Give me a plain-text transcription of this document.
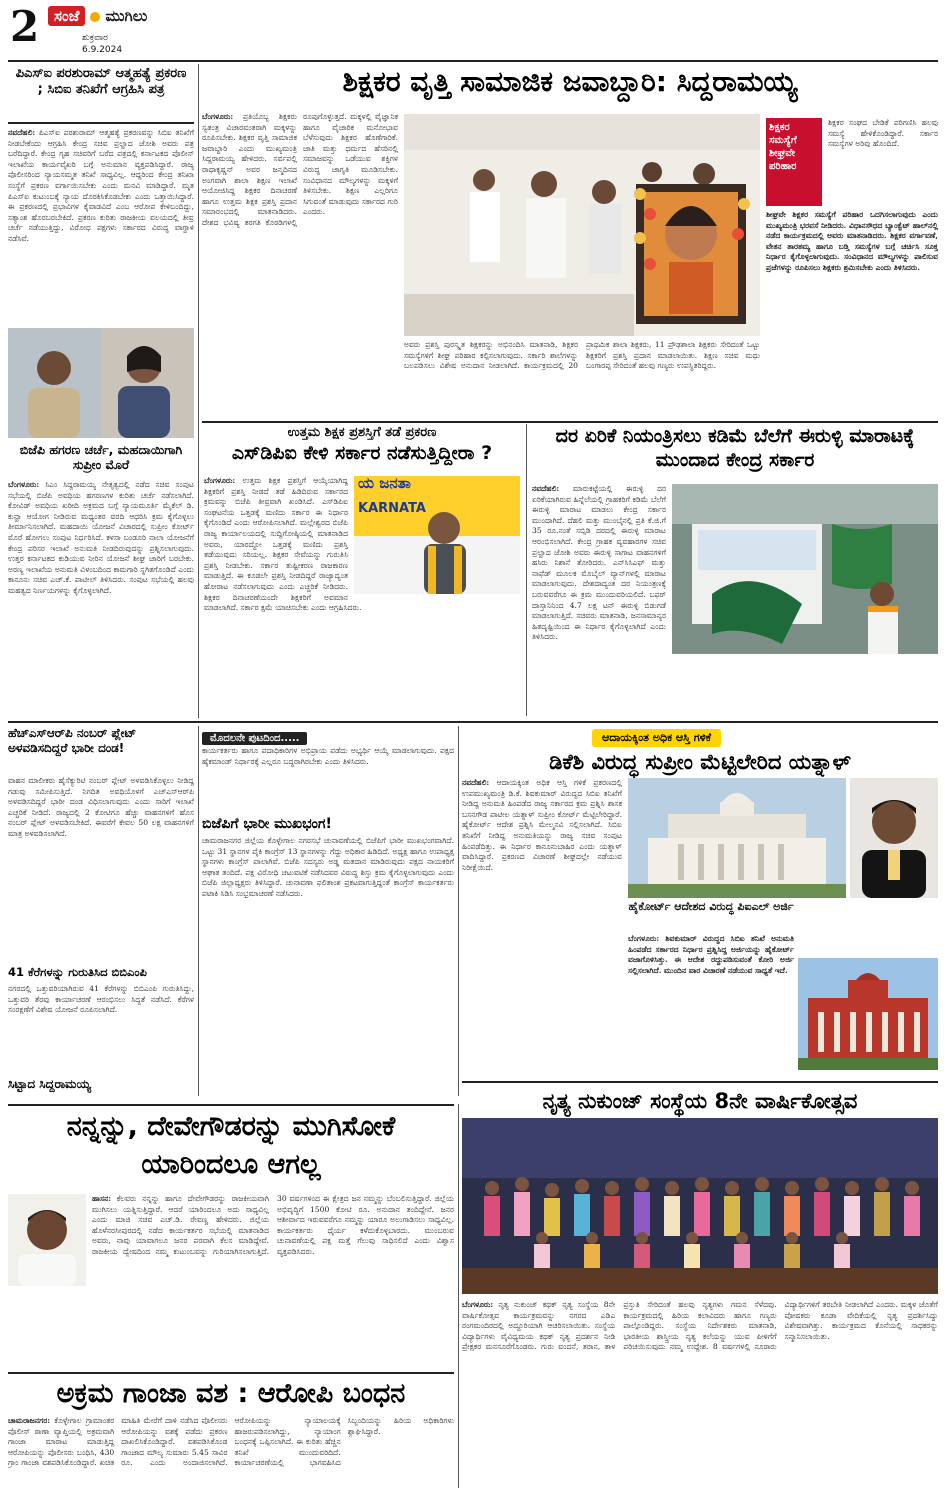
2 ಸಂಜೆ ಮುಗಿಲು
ಶುಕ್ರವಾರ
6.9.2024
ಪಿಎಸ್‌ಐ ಪರಶುರಾಮ್ ಆತ್ಮಹತ್ಯೆ ಪ್ರಕರಣ ; ಸಿಬಿಐ ತನಿಖೆಗೆ ಆಗ್ರಹಿಸಿ ಪತ್ರ
ನವದೆಹಲಿ: ಪಿಎಸ್‌ಐ ಪರಶುರಾಮ್ ಆತ್ಮಹತ್ಯೆ ಪ್ರಕರಣವನ್ನು ಸಿಬಿಐ ತನಿಖೆಗೆ ನೀಡಬೇಕೆಂದು ಆಗ್ರಹಿಸಿ ಕೇಂದ್ರ ಸಚಿವ ಪ್ರಲ್ಹಾದ ಜೋಶಿ ಅವರು ಪತ್ರ ಬರೆದಿದ್ದಾರೆ. ಕೇಂದ್ರ ಗೃಹ ಸಚಿವರಿಗೆ ಬರೆದ ಪತ್ರದಲ್ಲಿ ಕರ್ನಾಟಕದ ಪೊಲೀಸ್ ಇಲಾಖೆಯ ಕಾರ್ಯವೈಖರಿ ಬಗ್ಗೆ ಅನುಮಾನ ವ್ಯಕ್ತಪಡಿಸಿದ್ದಾರೆ. ರಾಜ್ಯ ಪೊಲೀಸರಿಂದ ನ್ಯಾಯಸಮ್ಮತ ತನಿಖೆ ಸಾಧ್ಯವಿಲ್ಲ. ಆದ್ದರಿಂದ ಕೇಂದ್ರ ತನಿಖಾ ಸಂಸ್ಥೆಗೆ ಪ್ರಕರಣ ವರ್ಗಾಯಿಸಬೇಕು ಎಂದು ಮನವಿ ಮಾಡಿದ್ದಾರೆ. ಮೃತ ಪಿಎಸ್‌ಐ ಕುಟುಂಬಕ್ಕೆ ನ್ಯಾಯ ದೊರಕಿಸಿಕೊಡಬೇಕು ಎಂದು ಒತ್ತಾಯಿಸಿದ್ದಾರೆ. ಈ ಪ್ರಕರಣದಲ್ಲಿ ಪ್ರಭಾವಿಗಳ ಕೈವಾಡವಿದೆ ಎಂಬ ಆರೋಪ ಕೇಳಿಬಂದಿದ್ದು, ಸತ್ಯಾಂಶ ಹೊರಬರಬೇಕಿದೆ. ಪ್ರಕರಣ ಕುರಿತು ರಾಜಕೀಯ ವಲಯದಲ್ಲಿ ತೀವ್ರ ಚರ್ಚೆ ನಡೆಯುತ್ತಿದ್ದು, ವಿರೋಧ ಪಕ್ಷಗಳು ಸರ್ಕಾರದ ವಿರುದ್ಧ ವಾಗ್ದಾಳಿ ನಡೆಸಿವೆ.
ಬಿಜೆಪಿ ಹಗರಣ ಚರ್ಚೆ, ಮಹದಾಯಿಗಾಗಿ ಸುಪ್ರೀಂ ಮೊರೆ
ಬೆಂಗಳೂರು: ಸಿಎಂ ಸಿದ್ದರಾಮಯ್ಯ ನೇತೃತ್ವದಲ್ಲಿ ನಡೆದ ಸಚಿವ ಸಂಪುಟ ಸಭೆಯಲ್ಲಿ ಬಿಜೆಪಿ ಅವಧಿಯ ಹಗರಣಗಳ ಕುರಿತು ಚರ್ಚೆ ನಡೆಸಲಾಗಿದೆ. ಕೋವಿಡ್ ಅವಧಿಯ ಖರೀದಿ ಅಕ್ರಮದ ಬಗ್ಗೆ ನ್ಯಾಯಮೂರ್ತಿ ಮೈಕೆಲ್ ಡಿ. ಕುನ್ಹಾ ಆಯೋಗ ನೀಡಿರುವ ಮಧ್ಯಂತರ ವರದಿ ಆಧರಿಸಿ ಕ್ರಮ ಕೈಗೊಳ್ಳಲು ತೀರ್ಮಾನಿಸಲಾಗಿದೆ. ಮಹದಾಯಿ ಯೋಜನೆ ವಿಚಾರದಲ್ಲಿ ಸುಪ್ರೀಂ ಕೋರ್ಟ್ ಮೊರೆ ಹೋಗಲು ಸಂಪುಟ ನಿರ್ಧರಿಸಿದೆ. ಕಳಸಾ ಬಂಡೂರಿ ನಾಲಾ ಯೋಜನೆಗೆ ಕೇಂದ್ರ ಪರಿಸರ ಇಲಾಖೆ ಅನುಮತಿ ನೀಡದಿರುವುದನ್ನು ಪ್ರಶ್ನಿಸಲಾಗುವುದು. ಉತ್ತರ ಕರ್ನಾಟಕದ ಕುಡಿಯುವ ನೀರಿನ ಯೋಜನೆ ಶೀಘ್ರ ಜಾರಿಗೆ ಬರಬೇಕು. ಅರಣ್ಯ ಇಲಾಖೆಯ ಅನುಮತಿ ವಿಳಂಬದಿಂದ ಕಾಮಗಾರಿ ಸ್ಥಗಿತಗೊಂಡಿದೆ ಎಂದು ಕಾನೂನು ಸಚಿವ ಎಚ್.ಕೆ. ಪಾಟೀಲ್ ತಿಳಿಸಿದರು. ಸಂಪುಟ ಸಭೆಯಲ್ಲಿ ಹಲವು ಮಹತ್ವದ ನಿರ್ಣಯಗಳನ್ನು ಕೈಗೊಳ್ಳಲಾಗಿದೆ.
ಶಿಕ್ಷಕರ ವೃತ್ತಿ ಸಾಮಾಜಿಕ ಜವಾಬ್ದಾರಿ: ಸಿದ್ದರಾಮಯ್ಯ
ಬೆಂಗಳೂರು: ಪ್ರತಿಯೊಬ್ಬ ಶಿಕ್ಷಕರು ಸ್ವತಂತ್ರ ವಿಚಾರವಂತರಾಗಿ ಮಕ್ಕಳನ್ನು ರೂಪಿಸಬೇಕು. ಶಿಕ್ಷಕರ ವೃತ್ತಿ ಸಾಮಾಜಿಕ ಜವಾಬ್ದಾರಿ ಎಂದು ಮುಖ್ಯಮಂತ್ರಿ ಸಿದ್ದರಾಮಯ್ಯ ಹೇಳಿದರು. ಸರ್ವಪಲ್ಲಿ ರಾಧಾಕೃಷ್ಣನ್ ಅವರ ಜನ್ಮದಿನದ ಅಂಗವಾಗಿ ಶಾಲಾ ಶಿಕ್ಷಣ ಇಲಾಖೆ ಆಯೋಜಿಸಿದ್ದ ಶಿಕ್ಷಕರ ದಿನಾಚರಣೆ ಹಾಗೂ ಉತ್ತಮ ಶಿಕ್ಷಕ ಪ್ರಶಸ್ತಿ ಪ್ರದಾನ ಸಮಾರಂಭದಲ್ಲಿ ಮಾತನಾಡಿದರು. ದೇಶದ ಭವಿಷ್ಯ ತರಗತಿ ಕೊಠಡಿಗಳಲ್ಲಿ ರೂಪುಗೊಳ್ಳುತ್ತದೆ. ಮಕ್ಕಳಲ್ಲಿ ವೈಜ್ಞಾನಿಕ ಹಾಗೂ ವೈಚಾರಿಕ ಮನೋಭಾವ ಬೆಳೆಸುವುದು ಶಿಕ್ಷಕರ ಹೊಣೆಗಾರಿಕೆ. ಜಾತಿ ಮತ್ತು ಧರ್ಮದ ಹೆಸರಿನಲ್ಲಿ ಸಮಾಜವನ್ನು ಒಡೆಯುವ ಶಕ್ತಿಗಳ ವಿರುದ್ಧ ಜಾಗೃತಿ ಮೂಡಿಸಬೇಕು. ಸಂವಿಧಾನದ ಮೌಲ್ಯಗಳನ್ನು ಮಕ್ಕಳಿಗೆ ತಿಳಿಸಬೇಕು. ಶಿಕ್ಷಣ ಎಲ್ಲರಿಗೂ ಸಿಗುವಂತೆ ಮಾಡುವುದು ಸರ್ಕಾರದ ಗುರಿ ಎಂದರು.
ಶಿಕ್ಷಕರ ಸಮಸ್ಯೆಗೆ ಶೀಘ್ರವೇ ಪರಿಹಾರ
ಶಿಕ್ಷಕರ ಸಂಘದ ಬೇಡಿಕೆ ಪರಿಗಣಿಸಿ ಹಲವು ಸಮಸ್ಯೆ ಹೇಳಿಕೊಂಡಿದ್ದಾರೆ. ಸರ್ಕಾರ ಸಮಸ್ಯೆಗಳ ಅರಿವು ಹೊಂದಿದೆ.
ಶೀಘ್ರವೇ ಶಿಕ್ಷಕರ ಸಮಸ್ಯೆಗೆ ಪರಿಹಾರ ಒದಗಿಸಲಾಗುವುದು ಎಂದು ಮುಖ್ಯಮಂತ್ರಿ ಭರವಸೆ ನೀಡಿದರು. ವಿಧಾನಸೌಧದ ಬ್ಯಾಂಕ್ವೆಟ್ ಹಾಲ್‌ನಲ್ಲಿ ನಡೆದ ಕಾರ್ಯಕ್ರಮದಲ್ಲಿ ಅವರು ಮಾತನಾಡಿದರು. ಶಿಕ್ಷಕರ ವರ್ಗಾವಣೆ, ವೇತನ ತಾರತಮ್ಯ ಹಾಗೂ ಬಡ್ತಿ ಸಮಸ್ಯೆಗಳ ಬಗ್ಗೆ ಚರ್ಚಿಸಿ ಸೂಕ್ತ ನಿರ್ಧಾರ ಕೈಗೊಳ್ಳಲಾಗುವುದು. ಸಂವಿಧಾನದ ಮೌಲ್ಯಗಳನ್ನು ಪಾಲಿಸುವ ಪ್ರಜೆಗಳನ್ನು ರೂಪಿಸಲು ಶಿಕ್ಷಕರು ಶ್ರಮಿಸಬೇಕು ಎಂದು ತಿಳಿಸಿದರು.
ಅವರು ಪ್ರಶಸ್ತಿ ಪುರಸ್ಕೃತ ಶಿಕ್ಷಕರನ್ನು ಅಭಿನಂದಿಸಿ ಮಾತನಾಡಿ, ಶಿಕ್ಷಕರ ಸಮಸ್ಯೆಗಳಿಗೆ ಶೀಘ್ರ ಪರಿಹಾರ ಕಲ್ಪಿಸಲಾಗುವುದು. ಸರ್ಕಾರಿ ಶಾಲೆಗಳನ್ನು ಬಲಪಡಿಸಲು ವಿಶೇಷ ಅನುದಾನ ನೀಡಲಾಗಿದೆ. ಕಾರ್ಯಕ್ರಮದಲ್ಲಿ 20 ಪ್ರಾಥಮಿಕ ಶಾಲಾ ಶಿಕ್ಷಕರು, 11 ಪ್ರೌಢಶಾಲಾ ಶಿಕ್ಷಕರು ಸೇರಿದಂತೆ ಒಟ್ಟು ಶಿಕ್ಷಕರಿಗೆ ಪ್ರಶಸ್ತಿ ಪ್ರದಾನ ಮಾಡಲಾಯಿತು. ಶಿಕ್ಷಣ ಸಚಿವ ಮಧು ಬಂಗಾರಪ್ಪ ಸೇರಿದಂತೆ ಹಲವು ಗಣ್ಯರು ಉಪಸ್ಥಿತರಿದ್ದರು.
ಉತ್ತಮ ಶಿಕ್ಷಕ ಪ್ರಶಸ್ತಿಗೆ ತಡೆ ಪ್ರಕರಣ
ಎಸ್‌ಡಿಪಿಐ ಕೇಳಿ ಸರ್ಕಾರ ನಡೆಸುತ್ತಿದ್ದೀರಾ ?
ಯ ಜನತಾ
KARNATA
ಬೆಂಗಳೂರು: ಉತ್ತಮ ಶಿಕ್ಷಕ ಪ್ರಶಸ್ತಿಗೆ ಆಯ್ಕೆಯಾಗಿದ್ದ ಶಿಕ್ಷಕರಿಗೆ ಪ್ರಶಸ್ತಿ ನೀಡದೆ ತಡೆ ಹಿಡಿದಿರುವ ಸರ್ಕಾರದ ಕ್ರಮವನ್ನು ಬಿಜೆಪಿ ತೀವ್ರವಾಗಿ ಖಂಡಿಸಿದೆ. ಎಸ್‌ಡಿಪಿಐ ಸಂಘಟನೆಯ ಒತ್ತಡಕ್ಕೆ ಮಣಿದು ಸರ್ಕಾರ ಈ ನಿರ್ಧಾರ ಕೈಗೊಂಡಿದೆ ಎಂದು ಆರೋಪಿಸಲಾಗಿದೆ. ಮಲ್ಲೇಶ್ವರದ ಬಿಜೆಪಿ ರಾಜ್ಯ ಕಾರ್ಯಾಲಯದಲ್ಲಿ ಸುದ್ದಿಗೋಷ್ಠಿಯಲ್ಲಿ ಮಾತನಾಡಿದ ಅವರು, ಯಾರದ್ದೋ ಒತ್ತಡಕ್ಕೆ ಮಣಿದು ಪ್ರಶಸ್ತಿ ತಡೆಯುವುದು ಸರಿಯಲ್ಲ. ಶಿಕ್ಷಕರ ಸೇವೆಯನ್ನು ಗುರುತಿಸಿ ಪ್ರಶಸ್ತಿ ನೀಡಬೇಕು. ಸರ್ಕಾರ ತುಷ್ಟೀಕರಣ ರಾಜಕಾರಣ ಮಾಡುತ್ತಿದೆ. ಈ ಕೂಡಲೇ ಪ್ರಶಸ್ತಿ ನೀಡದಿದ್ದರೆ ರಾಜ್ಯಾದ್ಯಂತ ಹೋರಾಟ ನಡೆಸಲಾಗುವುದು ಎಂದು ಎಚ್ಚರಿಕೆ ನೀಡಿದರು. ಶಿಕ್ಷಕರ ದಿನಾಚರಣೆಯಂದೇ ಶಿಕ್ಷಕರಿಗೆ ಅವಮಾನ ಮಾಡಲಾಗಿದೆ. ಸರ್ಕಾರ ಕ್ಷಮೆ ಯಾಚಿಸಬೇಕು ಎಂದು ಆಗ್ರಹಿಸಿದರು.
ದರ ಏರಿಕೆ ನಿಯಂತ್ರಿಸಲು ಕಡಿಮೆ ಬೆಲೆಗೆ ಈರುಳ್ಳಿ ಮಾರಾಟಕ್ಕೆ ಮುಂದಾದ ಕೇಂದ್ರ ಸರ್ಕಾರ
ನವದೆಹಲಿ: ಮಾರುಕಟ್ಟೆಯಲ್ಲಿ ಈರುಳ್ಳಿ ದರ ಏರಿಕೆಯಾಗಿರುವ ಹಿನ್ನೆಲೆಯಲ್ಲಿ ಗ್ರಾಹಕರಿಗೆ ಕಡಿಮೆ ಬೆಲೆಗೆ ಈರುಳ್ಳಿ ಮಾರಾಟ ಮಾಡಲು ಕೇಂದ್ರ ಸರ್ಕಾರ ಮುಂದಾಗಿದೆ. ದೆಹಲಿ ಮತ್ತು ಮುಂಬೈನಲ್ಲಿ ಪ್ರತಿ ಕೆ.ಜಿ.ಗೆ 35 ರೂ.ನಂತೆ ಸಬ್ಸಿಡಿ ದರದಲ್ಲಿ ಈರುಳ್ಳಿ ಮಾರಾಟ ಆರಂಭಿಸಲಾಗಿದೆ. ಕೇಂದ್ರ ಗ್ರಾಹಕ ವ್ಯವಹಾರಗಳ ಸಚಿವ ಪ್ರಲ್ಹಾದ ಜೋಶಿ ಅವರು ಈರುಳ್ಳಿ ಸಾಗಾಟ ವಾಹನಗಳಿಗೆ ಹಸಿರು ನಿಶಾನೆ ತೋರಿದರು. ಎನ್‌ಸಿಸಿಎಫ್ ಮತ್ತು ನಾಫೆಡ್ ಮೂಲಕ ಮೊಬೈಲ್ ವ್ಯಾನ್‌ಗಳಲ್ಲಿ ಮಾರಾಟ ಮಾಡಲಾಗುವುದು. ದೇಶದಾದ್ಯಂತ ದರ ನಿಯಂತ್ರಣಕ್ಕೆ ಬರುವವರೆಗೂ ಈ ಕ್ರಮ ಮುಂದುವರಿಯಲಿದೆ. ಬಫರ್ ದಾಸ್ತಾನಿನಿಂದ 4.7 ಲಕ್ಷ ಟನ್ ಈರುಳ್ಳಿ ಬಿಡುಗಡೆ ಮಾಡಲಾಗುತ್ತಿದೆ. ಸಚಿವರು ಮಾತನಾಡಿ, ಜನಸಾಮಾನ್ಯರ ಹಿತದೃಷ್ಟಿಯಿಂದ ಈ ನಿರ್ಧಾರ ಕೈಗೊಳ್ಳಲಾಗಿದೆ ಎಂದು ತಿಳಿಸಿದರು.
ಹೆಚ್‌ಎಸ್‌ಆರ್‌ಪಿ ನಂಬರ್ ಪ್ಲೇಟ್ ಅಳವಡಿಸದಿದ್ದರೆ ಭಾರೀ ದಂಡ!
ವಾಹನ ಮಾಲೀಕರು ಹೈಸೆಕ್ಯುರಿಟಿ ನಂಬರ್ ಪ್ಲೇಟ್ ಅಳವಡಿಸಿಕೊಳ್ಳಲು ನೀಡಿದ್ದ ಗಡುವು ಸಮೀಪಿಸುತ್ತಿದೆ. ನಿಗದಿತ ಅವಧಿಯೊಳಗೆ ಎಚ್‌ಎಸ್‌ಆರ್‌ಪಿ ಅಳವಡಿಸದಿದ್ದರೆ ಭಾರೀ ದಂಡ ವಿಧಿಸಲಾಗುವುದು ಎಂದು ಸಾರಿಗೆ ಇಲಾಖೆ ಎಚ್ಚರಿಕೆ ನೀಡಿದೆ. ರಾಜ್ಯದಲ್ಲಿ 2 ಕೋಟಿಗೂ ಹೆಚ್ಚು ವಾಹನಗಳಿಗೆ ಹೊಸ ನಂಬರ್ ಪ್ಲೇಟ್ ಅಳವಡಿಸಬೇಕಿದೆ. ಈವರೆಗೆ ಕೇವಲ 50 ಲಕ್ಷ ವಾಹನಗಳಿಗೆ ಮಾತ್ರ ಅಳವಡಿಸಲಾಗಿದೆ.
41 ಕೆರೆಗಳನ್ನು ಗುರುತಿಸಿದ ಬಿಬಿಎಂಪಿ
ನಗರದಲ್ಲಿ ಒತ್ತುವರಿಯಾಗಿರುವ 41 ಕೆರೆಗಳನ್ನು ಬಿಬಿಎಂಪಿ ಗುರುತಿಸಿದ್ದು, ಒತ್ತುವರಿ ತೆರವು ಕಾರ್ಯಾಚರಣೆ ಆರಂಭಿಸಲು ಸಿದ್ಧತೆ ನಡೆಸಿದೆ. ಕೆರೆಗಳ ಸಂರಕ್ಷಣೆಗೆ ವಿಶೇಷ ಯೋಜನೆ ರೂಪಿಸಲಾಗಿದೆ.
ಸಿಟ್ಟಾದ ಸಿದ್ದರಾಮಯ್ಯ
ಮೊದಲನೇ ಪುಟದಿಂದ.....
ಕಾರ್ಯಕರ್ತರು ಹಾಗೂ ಪದಾಧಿಕಾರಿಗಳ ಅಭಿಪ್ರಾಯ ಪಡೆದು ಅಭ್ಯರ್ಥಿ ಆಯ್ಕೆ ಮಾಡಲಾಗುವುದು. ಪಕ್ಷದ ಹೈಕಮಾಂಡ್ ನಿರ್ಧಾರಕ್ಕೆ ಎಲ್ಲರೂ ಬದ್ಧರಾಗಿರಬೇಕು ಎಂದು ತಿಳಿಸಿದರು.
ಬಿಜೆಪಿಗೆ ಭಾರೀ ಮುಖಭಂಗ!
ಚಾಮರಾಜನಗರ ಜಿಲ್ಲೆಯ ಕೊಳ್ಳೇಗಾಲ ನಗರಸಭೆ ಚುನಾವಣೆಯಲ್ಲಿ ಬಿಜೆಪಿಗೆ ಭಾರೀ ಮುಖಭಂಗವಾಗಿದೆ. ಒಟ್ಟು 31 ಸ್ಥಾನಗಳ ಪೈಕಿ ಕಾಂಗ್ರೆಸ್ 13 ಸ್ಥಾನಗಳನ್ನು ಗೆದ್ದು ಅಧಿಕಾರ ಹಿಡಿದಿದೆ. ಅಧ್ಯಕ್ಷ ಹಾಗೂ ಉಪಾಧ್ಯಕ್ಷ ಸ್ಥಾನಗಳು ಕಾಂಗ್ರೆಸ್ ಪಾಲಾಗಿವೆ. ಬಿಜೆಪಿ ಸದಸ್ಯರು ಅಡ್ಡ ಮತದಾನ ಮಾಡಿರುವುದು ಪಕ್ಷದ ನಾಯಕರಿಗೆ ಆಘಾತ ತಂದಿದೆ. ಪಕ್ಷ ವಿರೋಧಿ ಚಟುವಟಿಕೆ ನಡೆಸಿದವರ ವಿರುದ್ಧ ಶಿಸ್ತು ಕ್ರಮ ಕೈಗೊಳ್ಳಲಾಗುವುದು ಎಂದು ಬಿಜೆಪಿ ಜಿಲ್ಲಾಧ್ಯಕ್ಷರು ತಿಳಿಸಿದ್ದಾರೆ. ಚುನಾವಣಾ ಫಲಿತಾಂಶ ಪ್ರಕಟವಾಗುತ್ತಿದ್ದಂತೆ ಕಾಂಗ್ರೆಸ್ ಕಾರ್ಯಕರ್ತರು ಪಟಾಕಿ ಸಿಡಿಸಿ ಸಂಭ್ರಮಾಚರಣೆ ನಡೆಸಿದರು.
ಆದಾಯಕ್ಕಿಂತ ಅಧಿಕ ಆಸ್ತಿ ಗಳಿಕೆ
ಡಿಕೆಶಿ ವಿರುದ್ಧ ಸುಪ್ರೀಂ ಮೆಟ್ಟಿಲೇರಿದ ಯತ್ನಾಳ್
ನವದೆಹಲಿ: ಆದಾಯಕ್ಕಿಂತ ಅಧಿಕ ಆಸ್ತಿ ಗಳಿಕೆ ಪ್ರಕರಣದಲ್ಲಿ ಉಪಮುಖ್ಯಮಂತ್ರಿ ಡಿ.ಕೆ. ಶಿವಕುಮಾರ್ ವಿರುದ್ಧದ ಸಿಬಿಐ ತನಿಖೆಗೆ ನೀಡಿದ್ದ ಅನುಮತಿ ಹಿಂಪಡೆದ ರಾಜ್ಯ ಸರ್ಕಾರದ ಕ್ರಮ ಪ್ರಶ್ನಿಸಿ ಶಾಸಕ ಬಸನಗೌಡ ಪಾಟೀಲ ಯತ್ನಾಳ್ ಸುಪ್ರೀಂ ಕೋರ್ಟ್ ಮೆಟ್ಟಿಲೇರಿದ್ದಾರೆ. ಹೈಕೋರ್ಟ್ ಆದೇಶ ಪ್ರಶ್ನಿಸಿ ಮೇಲ್ಮನವಿ ಸಲ್ಲಿಸಲಾಗಿದೆ. ಸಿಬಿಐ ತನಿಖೆಗೆ ನೀಡಿದ್ದ ಅನುಮತಿಯನ್ನು ರಾಜ್ಯ ಸಚಿವ ಸಂಪುಟ ಹಿಂಪಡೆದಿತ್ತು. ಈ ನಿರ್ಧಾರ ಕಾನೂನುಬಾಹಿರ ಎಂದು ಯತ್ನಾಳ್ ವಾದಿಸಿದ್ದಾರೆ. ಪ್ರಕರಣದ ವಿಚಾರಣೆ ಶೀಘ್ರದಲ್ಲೇ ನಡೆಯುವ ನಿರೀಕ್ಷೆಯಿದೆ.
ಹೈಕೋರ್ಟ್ ಆದೇಶದ ವಿರುದ್ಧ ಪಿಐಎಲ್ ಅರ್ಜಿ
ಬೆಂಗಳೂರು: ಶಿವಕುಮಾರ್ ವಿರುದ್ಧದ ಸಿಬಿಐ ತನಿಖೆ ಅನುಮತಿ ಹಿಂಪಡೆದ ಸರ್ಕಾರದ ನಿರ್ಧಾರ ಪ್ರಶ್ನಿಸಿದ್ದ ಅರ್ಜಿಯನ್ನು ಹೈಕೋರ್ಟ್ ವಜಾಗೊಳಿಸಿತ್ತು. ಈ ಆದೇಶ ರದ್ದುಪಡಿಸುವಂತೆ ಕೋರಿ ಅರ್ಜಿ ಸಲ್ಲಿಸಲಾಗಿದೆ. ಮುಂದಿನ ವಾರ ವಿಚಾರಣೆ ನಡೆಯುವ ಸಾಧ್ಯತೆ ಇದೆ.
ನೃತ್ಯ ನುಕುಂಜ್ ಸಂಸ್ಥೆಯ 8ನೇ ವಾರ್ಷಿಕೋತ್ಸವ
ಬೆಂಗಳೂರು: ನೃತ್ಯ ನುಕುಂಜ್ ಕಥಕ್ ನೃತ್ಯ ಸಂಸ್ಥೆಯ 8ನೇ ವಾರ್ಷಿಕೋತ್ಸವ ಕಾರ್ಯಕ್ರಮವನ್ನು ನಗರದ ಎಡಿಎ ರಂಗಮಂದಿರದಲ್ಲಿ ಅದ್ದೂರಿಯಾಗಿ ಆಚರಿಸಲಾಯಿತು. ಸಂಸ್ಥೆಯ ವಿದ್ಯಾರ್ಥಿಗಳು ವೈವಿಧ್ಯಮಯ ಕಥಕ್ ನೃತ್ಯ ಪ್ರದರ್ಶನ ನೀಡಿ ಪ್ರೇಕ್ಷಕರ ಮನಸೂರೆಗೊಂಡರು. ಗುರು ವಂದನೆ, ತರಾನ, ತಾಳ ಪ್ರಸ್ತುತಿ ಸೇರಿದಂತೆ ಹಲವು ನೃತ್ಯಗಳು ಗಮನ ಸೆಳೆದವು. ಕಾರ್ಯಕ್ರಮದಲ್ಲಿ ಹಿರಿಯ ಕಲಾವಿದರು ಹಾಗೂ ಗಣ್ಯರು ಪಾಲ್ಗೊಂಡಿದ್ದರು. ಸಂಸ್ಥೆಯ ನಿರ್ದೇಶಕರು ಮಾತನಾಡಿ, ಭಾರತೀಯ ಶಾಸ್ತ್ರೀಯ ನೃತ್ಯ ಕಲೆಯನ್ನು ಯುವ ಪೀಳಿಗೆಗೆ ಪರಿಚಯಿಸುವುದು ನಮ್ಮ ಉದ್ದೇಶ. 8 ವರ್ಷಗಳಲ್ಲಿ ನೂರಾರು ವಿದ್ಯಾರ್ಥಿಗಳಿಗೆ ತರಬೇತಿ ನೀಡಲಾಗಿದೆ ಎಂದರು. ಮಕ್ಕಳ ಜೊತೆಗೆ ಪೋಷಕರು ಕೂಡಾ ವೇದಿಕೆಯಲ್ಲಿ ನೃತ್ಯ ಪ್ರದರ್ಶಿಸಿದ್ದು ವಿಶೇಷವಾಗಿತ್ತು. ಕಾರ್ಯಕ್ರಮದ ಕೊನೆಯಲ್ಲಿ ಸಾಧಕರನ್ನು ಸನ್ಮಾನಿಸಲಾಯಿತು.
ನನ್ನನ್ನು, ದೇವೇಗೌಡರನ್ನು ಮುಗಿಸೋಕೆ ಯಾರಿಂದಲೂ ಆಗಲ್ಲ
ಹಾಸನ: ಕೆಲವರು ನನ್ನನ್ನು ಹಾಗೂ ದೇವೇಗೌಡರನ್ನು ರಾಜಕೀಯವಾಗಿ ಮುಗಿಸಲು ಯತ್ನಿಸುತ್ತಿದ್ದಾರೆ. ಆದರೆ ಯಾರಿಂದಲೂ ಅದು ಸಾಧ್ಯವಿಲ್ಲ ಎಂದು ಮಾಜಿ ಸಚಿವ ಎಚ್.ಡಿ. ರೇವಣ್ಣ ಹೇಳಿದರು. ಜಿಲ್ಲೆಯ ಹೊಳೆನರಸೀಪುರದಲ್ಲಿ ನಡೆದ ಕಾರ್ಯಕರ್ತರ ಸಭೆಯಲ್ಲಿ ಮಾತನಾಡಿದ ಅವರು, ನಾವು ಯಾವಾಗಲೂ ಜನರ ಪರವಾಗಿ ಕೆಲಸ ಮಾಡಿದ್ದೇವೆ. ರಾಜಕೀಯ ದ್ವೇಷದಿಂದ ನಮ್ಮ ಕುಟುಂಬವನ್ನು ಗುರಿಯಾಗಿಸಲಾಗುತ್ತಿದೆ. 30 ವರ್ಷಗಳಿಂದ ಈ ಕ್ಷೇತ್ರದ ಜನ ನಮ್ಮನ್ನು ಬೆಂಬಲಿಸುತ್ತಿದ್ದಾರೆ. ಜಿಲ್ಲೆಯ ಅಭಿವೃದ್ಧಿಗೆ 1500 ಕೋಟಿ ರೂ. ಅನುದಾನ ತಂದಿದ್ದೇನೆ. ಜನರ ಆಶೀರ್ವಾದ ಇರುವವರೆಗೂ ನಮ್ಮನ್ನು ಯಾರೂ ಅಲುಗಾಡಿಸಲು ಸಾಧ್ಯವಿಲ್ಲ. ಕಾರ್ಯಕರ್ತರು ಧೈರ್ಯ ಕಳೆದುಕೊಳ್ಳಬಾರದು. ಮುಂಬರುವ ಚುನಾವಣೆಯಲ್ಲಿ ಪಕ್ಷ ಮತ್ತೆ ಗೆಲುವು ಸಾಧಿಸಲಿದೆ ಎಂದು ವಿಶ್ವಾಸ ವ್ಯಕ್ತಪಡಿಸಿದರು.
ಅಕ್ರಮ ಗಾಂಜಾ ವಶ : ಆರೋಪಿ ಬಂಧನ
ಚಾಮರಾಜನಗರ: ಕೊಳ್ಳೇಗಾಲ ಗ್ರಾಮಾಂತರ ಪೊಲೀಸ್ ಠಾಣಾ ವ್ಯಾಪ್ತಿಯಲ್ಲಿ ಅಕ್ರಮವಾಗಿ ಗಾಂಜಾ ಮಾರಾಟ ಮಾಡುತ್ತಿದ್ದ ಆರೋಪಿಯನ್ನು ಪೊಲೀಸರು ಬಂಧಿಸಿ, 430 ಗ್ರಾಂ ಗಾಂಜಾ ವಶಪಡಿಸಿಕೊಂಡಿದ್ದಾರೆ. ಖಚಿತ ಮಾಹಿತಿ ಮೇರೆಗೆ ದಾಳಿ ನಡೆಸಿದ ಪೊಲೀಸರು ಆರೋಪಿಯನ್ನು ವಶಕ್ಕೆ ಪಡೆದು ಪ್ರಕರಣ ದಾಖಲಿಸಿಕೊಂಡಿದ್ದಾರೆ. ವಶಪಡಿಸಿಕೊಂಡ ಗಾಂಜಾದ ಮೌಲ್ಯ ಸುಮಾರು 5.45 ಸಾವಿರ ರೂ. ಎಂದು ಅಂದಾಜಿಸಲಾಗಿದೆ. ಆರೋಪಿಯನ್ನು ನ್ಯಾಯಾಲಯಕ್ಕೆ ಹಾಜರುಪಡಿಸಲಾಗಿದ್ದು, ನ್ಯಾಯಾಂಗ ಬಂಧನಕ್ಕೆ ಒಪ್ಪಿಸಲಾಗಿದೆ. ಈ ಕುರಿತು ಹೆಚ್ಚಿನ ತನಿಖೆ ಮುಂದುವರಿದಿದೆ. ಕಾರ್ಯಾಚರಣೆಯಲ್ಲಿ ಭಾಗವಹಿಸಿದ ಸಿಬ್ಬಂದಿಯನ್ನು ಹಿರಿಯ ಅಧಿಕಾರಿಗಳು ಶ್ಲಾಘಿಸಿದ್ದಾರೆ.
